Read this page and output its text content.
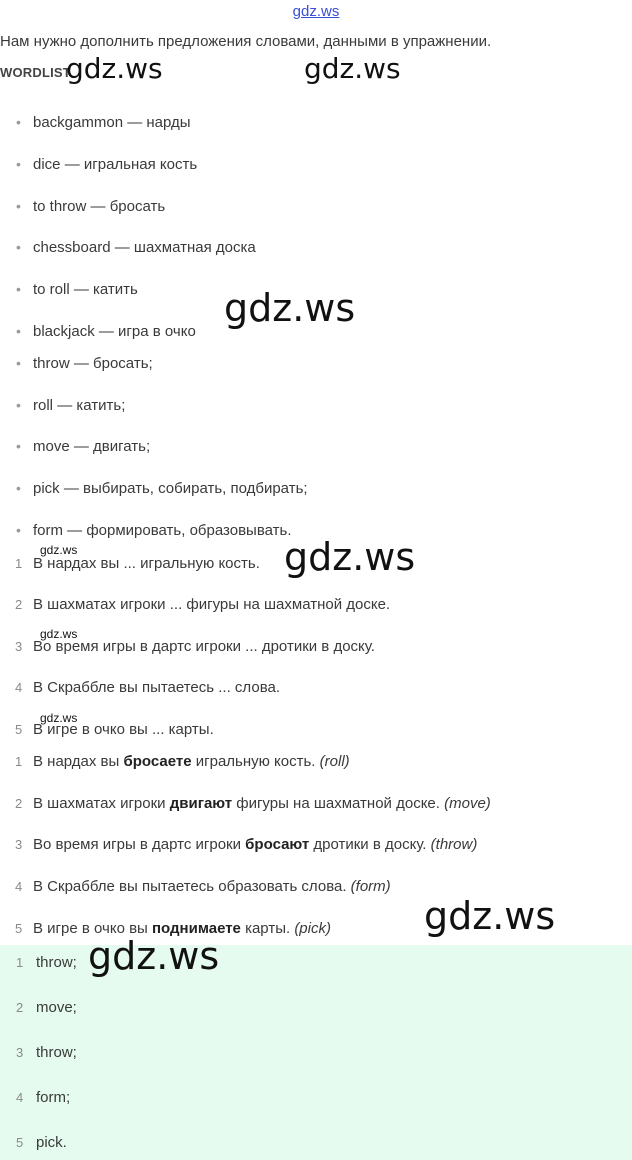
gdz.ws
Нам нужно дополнить предложения словами, данными в упражнении.
WORDLIST
• backgammon — нарды
• dice — игральная кость
• to throw — бросать
• chessboard — шахматная доска
• to roll — катить
• blackjack — игра в очко
• throw — бросать;
• roll — катить;
• move — двигать;
• pick — выбирать, собирать, подбирать;
• form — формировать, образовывать.
1 В нардах вы ... игральную кость.
2 В шахматах игроки ... фигуры на шахматной доске.
3 Во время игры в дартс игроки ... дротики в доску.
4 В Скраббле вы пытаетесь ... слова.
5 В игре в очко вы ... карты.
1 В нардах вы бросаете игральную кость. (roll)
2 В шахматах игроки двигают фигуры на шахматной доске. (move)
3 Во время игры в дартс игроки бросают дротики в доску. (throw)
4 В Скраббле вы пытаетесь образовать слова. (form)
5 В игре в очко вы поднимаете карты. (pick)
1 throw;
2 move;
3 throw;
4 form;
5 pick.
gdz.ws	gdz.ws
gdz.ws
gdz.ws
gdz.ws
gdz.ws
gdz.ws
gdz.ws
gdz.ws
